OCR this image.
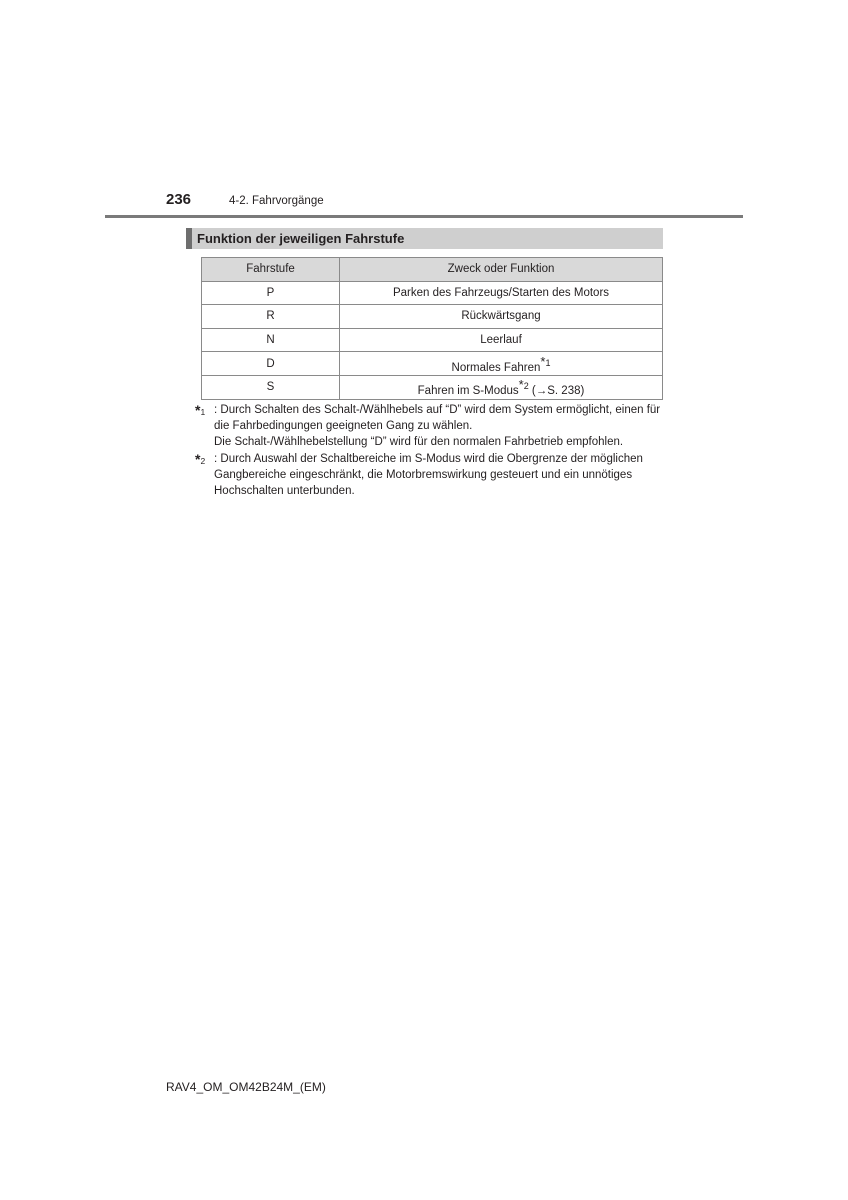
236	4-2. Fahrvorgänge
Funktion der jeweiligen Fahrstufe
Fahrstufe	Zweck oder Funktion
P	Parken des Fahrzeugs/Starten des Motors
R	Rückwärtsgang
N	Leerlauf
D	Normales Fahren$^{*1}$
S	Fahren im S-Modus$^{*2}$ (→S. 238)
*1 : Durch Schalten des Schalt-/Wählhebels auf “D” wird dem System ermöglicht, einen für die Fahrbedingungen geeigneten Gang zu wählen.
Die Schalt-/Wählhebelstellung “D” wird für den normalen Fahrbetrieb empfohlen.
*2 : Durch Auswahl der Schaltbereiche im S-Modus wird die Obergrenze der möglichen Gangbereiche eingeschränkt, die Motorbremswirkung gesteuert und ein unnötiges Hochschalten unterbunden.
RAV4_OM_OM42B24M_(EM)
